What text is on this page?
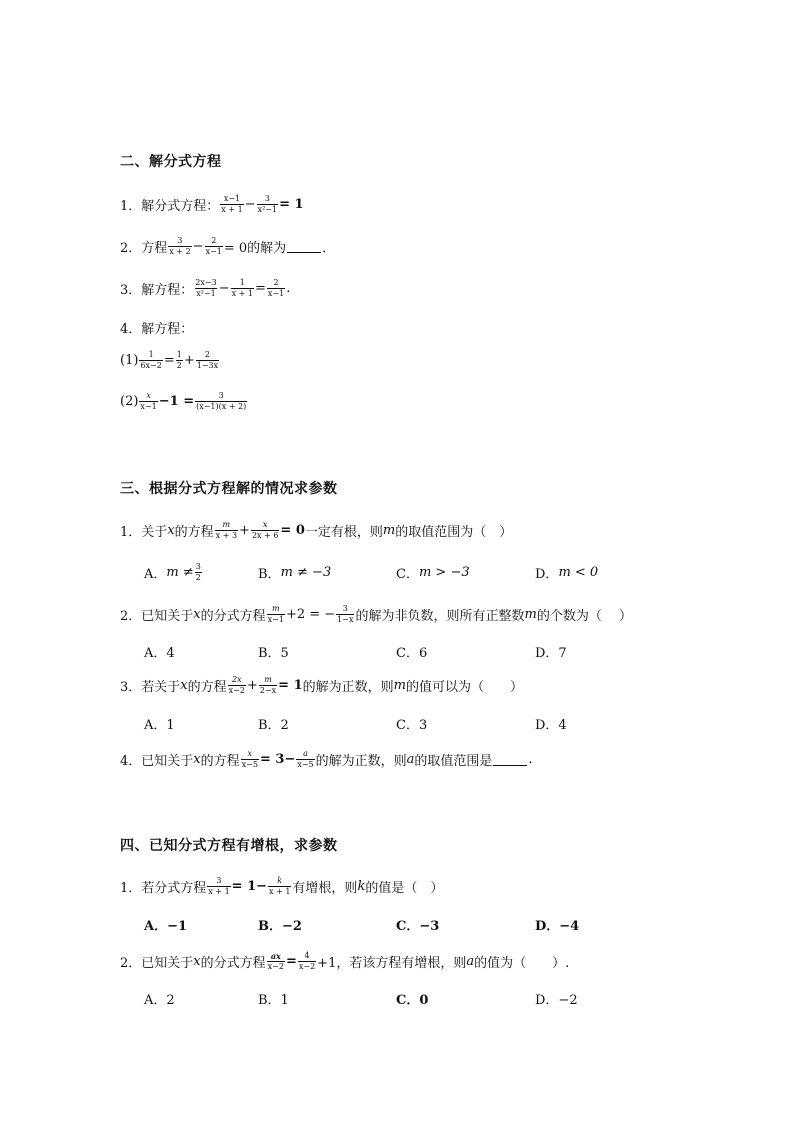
二、解分式方程
1．解分式方程： $\frac{x-1}{x + 1} - \frac{3}{\text{x²−1}} = 1$
2．方程 $\frac{3}{x + 2} - \frac{2}{x-1} = 0$的解为	．
3．解方程： $\frac{2x-3}{\text{x²−1}} - \frac{1}{x + 1} = \frac{2}{x-1}$ .
4．解方程：
$(1) \frac{1}{6x-2} = \frac{1}{2} + \frac{2}{1-3x}$
$(2) \frac{x}{x-1} -1 = \frac{3}{(x-1)(x + 2)}$
三、根据分式方程解的情况求参数
1．关于 x 的方程 $\frac{m}{x + 3} + \frac{x}{2x + 6} = 0$ 一定有根，则 m 的取值范围为（　）
A． $m \ne \frac{3}{2}$	B． m ≠ −3	C． m > −3	D． m < 0
2．已知关于 x 的分式方程 $\frac{m}{x-1} +2$ = − $\frac{3}{1-x}$ 的解为非负数，则所有正整数 m 的个数为（　 ）
A．4	B．5	C．6	D．7
3．若关于 x 的方程 $\frac{2x}{x-2} + \frac{m}{2-x} = 1$ 的解为正数，则 m 的值可以为（　　）
A．1	B．2	C．3	D．4
4．已知关于 x 的方程 $\frac{x}{x-5} = 3- \frac{a}{x-5}$ 的解为正数，则 a 的取值范围是	.
四、已知分式方程有增根，求参数
1．若分式方程 $\frac{3}{x + 1} = 1- \frac{k}{x + 1}$ 有增根，则 k 的值是（　）
A．−1	B．−2	C．−3	D．−4
2．已知关于 x 的分式方程 $\frac{ax}{x-2} = \frac{4}{x-2} +1$，若该方程有增根，则 a 的值为（　　）.
A．2	B．1	C．0	D．−2
